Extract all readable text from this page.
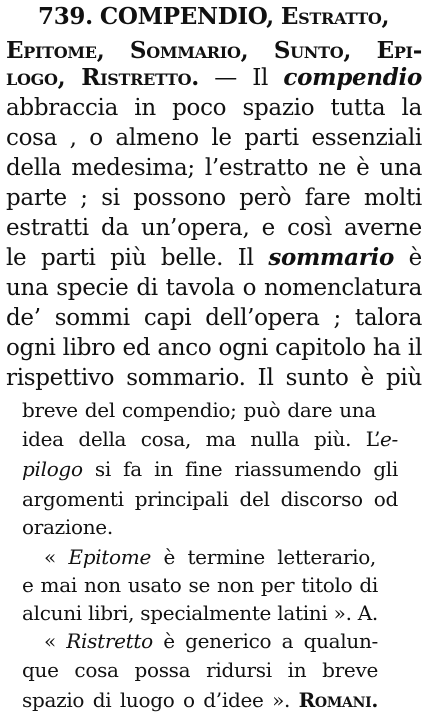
739. COMPENDIO, Estratto,
Epitome, Sommario, Sunto, Epi-
logo, Ristretto. — Il compendio
abbraccia in poco spazio tutta la
cosa , o almeno le parti essenziali
della medesima; l’estratto ne è una
parte ; si possono però fare molti
estratti da un’opera, e così averne
le parti più belle. Il sommario è
una specie di tavola o nomenclatura
de’ sommi capi dell’opera ; talora
ogni libro ed anco ogni capitolo ha il
rispettivo sommario. Il sunto è più
breve del compendio; può dare una
idea della cosa, ma nulla più. L’e-
pilogo si fa in fine riassumendo gli
argomenti principali del discorso od
orazione.
« Epitome è termine letterario,
e mai non usato se non per titolo di
alcuni libri, specialmente latini ». A.
« Ristretto è generico a qualun-
que cosa possa ridursi in breve
spazio di luogo o d’idee ». Romani.
